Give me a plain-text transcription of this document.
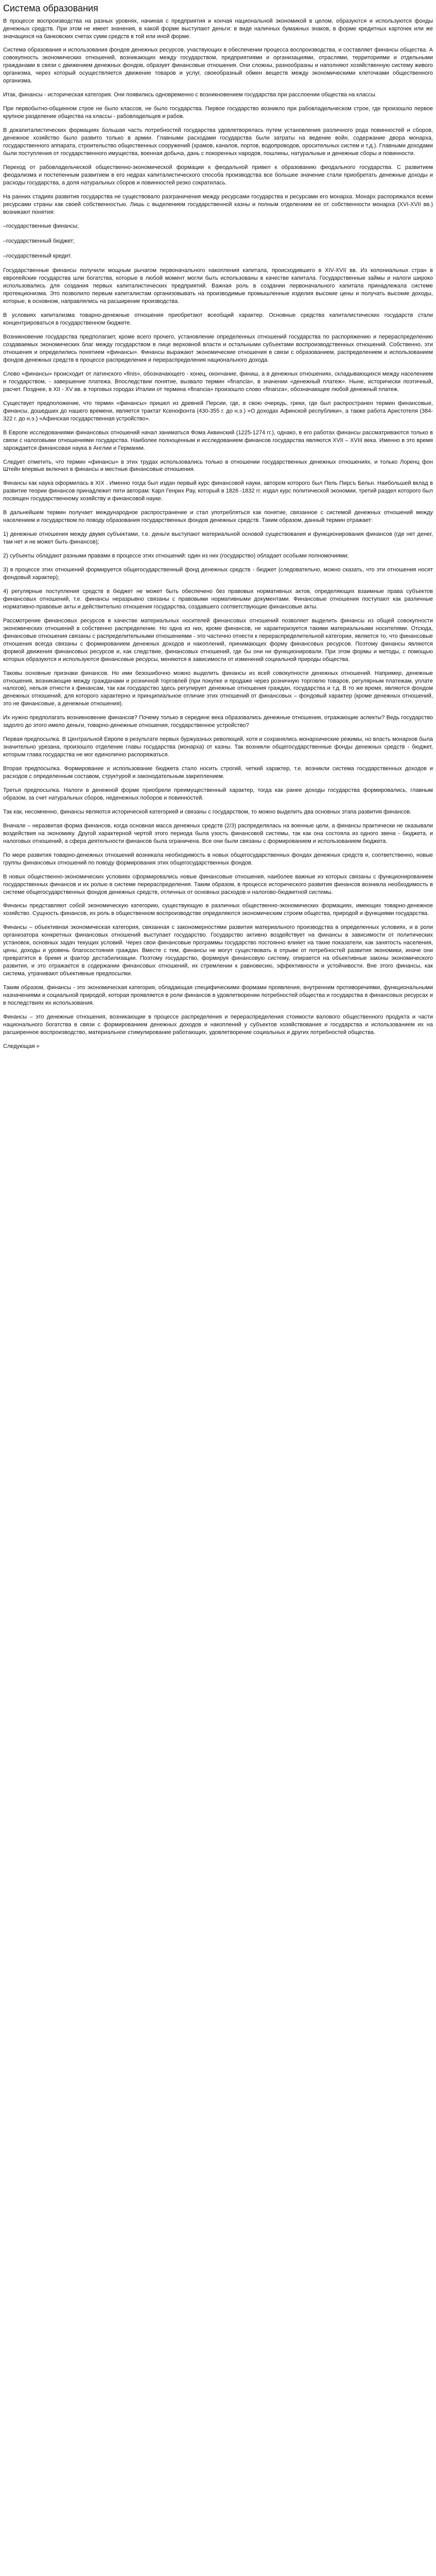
Система образования

В процессе воспроизводства на разных уровнях, начиная с предприятия и кончая национальной экономикой в целом, образуются и используются фонды денежных средств. При этом не имеет значения, в какой форме выступают деньги: в виде наличных бумажных знаков, в форме кредитных карточек или же значащихся на банковских счетах сумм средств в той или иной форме.

Система образования и использования фондов денежных ресурсов, участвующих в обеспечении процесса воспроизводства, и составляет финансы общества. А совокупность экономических отношений, возникающих между государством, предприятиями и организациями, отраслями, территориями и отдельными гражданами в связи с движением денежных фондов, образует финансовые отношения. Они сложны, разнообразны и наполняют хозяйственную систему живого организма, через который осуществляется движение товаров и услуг, своеобразный обмен веществ между экономическими клеточками общественного организма.

Итак, финансы - историческая категория. Они появились одновременно с возникновением государства при расслоении общества на классы.

При первобытно-общинном строе не было классов, не было государства. Первое государство возникло при рабовладельческом строе, где произошло первое крупное разделение общества на классы - рабовладельцев и рабов.

В докапиталистических формациях большая часть потребностей государства удовлетворялась путем установления различного рода повинностей и сборов, денежное хозяйство было развито только в армии. Главными расходами государства были затраты на ведение войн, содержание двора монарха, государственного аппарата, строительство общественных сооружений (храмов, каналов, портов, водопроводов, оросительных систем и т.д.). Главными доходами были поступления от государственного имущества, военная добыча, дань с покоренных народов, пошлины, натуральные и денежные сборы и повинности.

Переход от рабовладельческой общественно-экономической формации к феодальной привел к образованию феодального государства. С развитием феодализма и постепенным развитием в его недрах капиталистического способа производства все большее значение стали приобретать денежные доходы и расходы государства, а доля натуральных сборов и повинностей резко сократилась.

На ранних стадиях развития государства не существовало разграничения между ресурсами государства и ресурсами его монарха. Монарх распоряжался всеми ресурсами страны как своей собственностью. Лишь с выделением государственной казны и полным отделением ее от собственности монарха (XVI-XVII вв.) возникают понятия:

–государственные финансы;

–государственный бюджет;

–государственный кредит.

Государственные финансы получили мощным рычагом первоначального накопления капитала, происходившего в XIV-XVII вв. Из колониальных стран в европейские государства шли богатства, которые в любой момент могли быть использованы в качестве капитала. Государственные займы и налоги широко использовались для создания первых капиталистических предприятий. Важная роль в создании первоначального капитала принадлежала системе протекционизма. Это позволило первым капиталистам организовывать на производимые промышленные изделия высокие цены и получать высокие доходы, которые, в основном, направлялись на расширение производства.

В условиях капитализма товарно-денежные отношения приобретают всеобщий характер. Основные средства капиталистических государств стали концентрироваться в государственном бюджете.

Возникновение государства предполагает, кроме всего прочего, установление определенных отношений государства по распоряжению и перераспределению создаваемых экономических благ между государством в лице верховной власти и остальными субъектами воспроизводственных отношений. Собственно, эти отношения и определились понятием «финансы». Финансы выражают экономические отношения в связи с образованием, распределением и использованием фондов денежных средств в процессе распределения и перераспределения национального дохода.

Слово «финансы» происходит от латинского «finis», обозначающего - конец, окончание, финиш, а в денежных отношениях, складывающихся между населением и государством, - завершение платежа. Впоследствии понятие, вызвало термин «financia», в значении «денежный платеж». Ныне, исторически поэтичный, расчет. Позднее, в XII - XV вв. в торговых городах Италии от термина «financia» произошло слово «finanza», обозначающее любой денежный платеж.

Существует предположение, что термин «финансы» пришел из древней Персии, где, в свою очередь, греки, где был распространен термин финансовые, финансы, дошедших до нашего времени, является трактат Ксенофонта (430-355 г. до н.э.) «О доходах Афинской республики», а также работа Аристотеля (384-322 г. до н.э.) «Афинская государственная устройство».

В Европе исследованиями финансовых отношений начал заниматься Фома Аквинский (1225-1274 гг.), однако, в его работах финансы рассматриваются только в связи с налоговыми отношениями государства. Наиболее полноценным и исследованием финансов государства являются XVII – XVIII века. Именно в это время зарождается финансовая наука в Англии и Германии.

Следует отметить, что термин «финансы» в этих трудах использовались только в отношении государственных денежных отношениях, и только Лоренц фон Штейн впервые включил в финансы и местные финансовые отношения.

Финансы как наука оформилась в XIX . Именно тогда был издан первый курс финансовой науки, автором которого был Пель Пирсъ Бельн. Наибольшей вклад в развитие теории финансов принадлежит пяти авторам: Карл Генрих Рау, который в 1826 -1832 гг. издал курс политической экономии, третий раздел которого был посвящен государственному хозяйству и финансовой науке.

В дальнейшем термин получает международное распространение и стал употребляться как понятие, связанное с системой денежных отношений между населением и государством по поводу образования государственных фондов денежных средств. Таким образом, данный термин отражает:

1) денежные отношения между двумя субъектами, т.е. деньги выступают материальной основой существования и функционирования финансов (где нет денег, там нет и не может быть финансов);

2) субъекты обладают разными правами в процессе этих отношений: один из них (государство) обладает особыми полномочиями;

3) в процессе этих отношений формируется общегосударственный фонд денежных средств - бюджет (следовательно, можно сказать, что эти отношения носят фондовый характер);

4) регулярные поступления средств в бюджет не может быть обеспечено без правовых нормативных актов, определяющих взаимные права субъектов финансовых отношений, т.е. финансы неразрывно связаны с правовыми нормативными документами. Финансовые отношения поступают как различные нормативно-правовые акты и действительно отношения государства, создавшего соответствующие финансовые акты.

Рассмотрение финансовых ресурсов в качестве материальных носителей финансовых отношений позволяет выделить финансы из общей совокупности экономических отношений в собственно распределение. Но одна из них, кроме финансов, не характеризуется такими материальными носителями. Отсюда, финансовые отношения связаны с распределительными отношениями - это частично отнести к перераспределительной категории, является то, что финансовые отношения всегда связаны с формированием денежных доходов и накоплений, принимающих форму финансовых ресурсов. Поэтому финансы являются формой движения финансовых ресурсов и, как следствие, финансовых отношений, где бы они ни функционировали. При этом формы и методы, с помощью которых образуются и используются финансовые ресурсы, меняются в зависимости от изменений социальной природы общества.

Таковы основные признаки финансов. Но ими безошибочно можно выделить финансы из всей совокупности денежных отношений. Например, денежные отношения, возникающие между гражданами и розничной торговлей (при покупке и продаже через розничную торговлю товаров, регулярным платежам, уплате налогов), нельзя отнести к финансам, так как государство здесь регулирует денежные отношения граждан, государства и т.д. В то же время, являются фондом денежных отношений, для которого характерно и принципиальное отличие этих отношений от финансовых – фондовый характер (кроме денежных отношений, это не финансовые, а денежные отношения).

Их нужно предполагать возникновение финансов? Почему только в середине века образовались денежные отношения, отражающие аспекты? Ведь государство задолго до этого имело деньги, товарно-денежные отношения, государственное устройство?

Первая предпосылка. В Центральной Европе в результате первых буржуазных революций, хотя и сохранялись монархические режимы, но власть монархов была значительно урезана, произошло отделение главы государства (монарха) от казны. Так возникли общегосударственные фонды денежных средств - бюджет, которым глава государства не мог единолично распоряжаться.

Вторая предпосылка. Формирование и использование бюджета стало носить строгий, четкий характер, т.е. возникли система государственных доходов и расходов с определенным составом, структурой и законодательным закреплением.

Третья предпосылка. Налоги в денежной форме приобрели преимущественный характер, тогда как ранее доходы государства формировались, главным образом, за счет натуральных сборов, неденежных поборов и повинностей.

Так как, несомненно, финансы являются исторической категорией и связаны с государством, то можно выделить два основных этапа развития финансов.

Вначале – неразвитая форма финансов, когда основная масса денежных средств (2/3) распределялась на военные цели, а финансы практически не оказывали воздействия на экономику. Другой характерной чертой этого периода была узость финансовой системы, так как она состояла из одного звена - бюджета, и налоговых отношений, а сфера деятельности финансов была ограничена. Все они были связаны с формированием и использованием бюджета.

По мере развития товарно-денежных отношений возникала необходимость в новых общегосударственных фондах денежных средств и, соответственно, новые группы финансовых отношений по поводу формирования этих общегосударственных фондов.

В новых общественно-экономических условиях сформировались новые финансовые отношения, наиболее важные из которых связаны с функционированием государственных финансов и их ролью в системе перераспределения. Таким образом, в процессе исторического развития финансов возникла необходимость в системе общегосударственных фондов денежных средств, отличных от основных расходов и налогово-бюджетной системы.

Финансы представляют собой экономическую категорию, существующую в различных общественно-экономических формациях, имеющих товарно-денежное хозяйство. Сущность финансов, их роль в общественном воспроизводстве определяются экономическим строем общества, природой и функциями государства.

Финансы – объективная экономическая категория, связанная с закономерностями развития материального производства в определенных условиях, и в роли организатора конкретных финансовых отношений выступает государство. Государство активно воздействует на финансы в зависимости от политических установок, основных задач текущих условий. Через свои финансовые программы государство постоянно влияет на такие показатели, как занятость населения, цены, доходы и уровень благосостояния граждан. Вместе с тем, финансы не могут существовать в отрыве от потребностей развития экономики, иначе они превратятся в бремя и фактор дестабилизации. Поэтому государство, формируя финансовую систему, опирается на объективные законы экономического развития, и это отражается в содержании финансовых отношений, их стремлении к равновесию, эффективности и устойчивости. Вне этого финансы, как система, утрачивают объективные предпосылки.

Таким образом, финансы - это экономическая категория, обладающая специфическими формами проявления, внутренним противоречиями, функциональными назначениями и социальной природой, которая проявляется в роли финансов в удовлетворении потребностей общества и государства в финансовых ресурсах и в последствиях их использования.

Финансы – это денежные отношения, возникающие в процессе распределения и перераспределения стоимости валового общественного продукта и части национального богатства в связи с формированием денежных доходов и накоплений у субъектов хозяйствования и государства и использованием их на расширенное воспроизводство, материальное стимулирование работающих, удовлетворение социальных и других потребностей общества.

Следующая »
